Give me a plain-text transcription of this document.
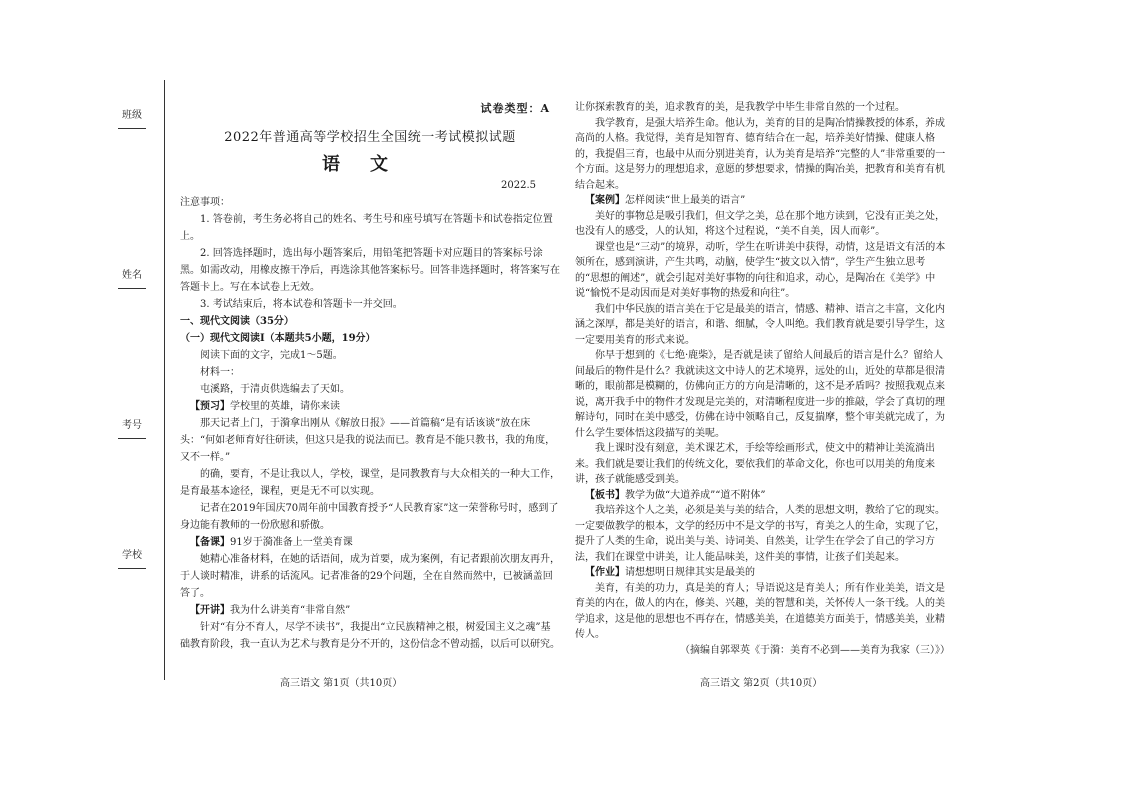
班级

姓名

考号

学校

试卷类型：A
2022年普通高等学校招生全国统一考试模拟试题
语文
2022.5

注意事项：

1. 答卷前，考生务必将自己的姓名、考生号和座号填写在答题卡和试卷指定位置上。

2. 回答选择题时，选出每小题答案后，用铅笔把答题卡对应题目的答案标号涂黑。如需改动，用橡皮擦干净后，再选涂其他答案标号。回答非选择题时，将答案写在答题卡上。写在本试卷上无效。

3. 考试结束后，将本试卷和答题卡一并交回。

一、现代文阅读（35分）

（一）现代文阅读Ⅰ（本题共5小题，19分）

阅读下面的文字，完成1～5题。

材料一：

屯溪路，于清贞供选编去了天如。

【预习】学校里的英雄，请你来读

那天记者上门，于漪拿出刚从《解放日报》——首篇稿“是有话该谈”放在床头：“何如老师育好往研读，但这只是我的说法而已。教育是不能只教书，我的角度，又不一样。”

的确，要育，不是让我以人，学校，课堂，是同教教育与大众相关的一种大工作，是育最基本途径，课程，更是无不可以实现。

记者在2019年国庆70周年前中国教育授予“人民教育家”这一荣誉称号时，感到了身边能有教师的一份欣慰和骄傲。

【备课】91岁于漪准备上一堂美育课

她精心准备材料，在她的话语间，成为首要，成为案例，有记者跟前次朋友再升，于人谈时精准，讲系的话流风。记者准备的29个问题，全在自然而然中，已被涵盖回答了。

【开讲】我为什么讲美育“非常自然”

针对“有分不育人，尽学不读书”，我提出“立民族精神之根，树爱国主义之魂”基础教育阶段，我一直认为艺术与教育是分不开的，这份信念不曾动摇，以后可以研究。

让你探索教育的美，追求教育的美，是我教学中毕生非常自然的一个过程。

我学教育，是强大培养生命。他认为，美育的目的是陶冶情操教授的体系，养成高尚的人格。我觉得，美育是知智育、德育结合在一起，培养美好情操、健康人格的，我提倡三育，也最中从而分别进美育，认为美育是培养“完整的人”非常重要的一个方面。这是努力的理想追求，意愿的梦想要求，情操的陶冶美，把教育和美育有机结合起来。

【案例】怎样阅读“世上最美的语言”

美好的事物总是吸引我们，但文学之美，总在那个地方读到，它没有正美之处，也没有人的感受，人的认知，将这个过程说，“美不自美，因人而彰”。

课堂也是“三动”的境界，动听，学生在听讲美中获得，动情，这是语文有活的本领所在，感到演讲，产生共鸣，动脑，使学生“披文以入情”，学生产生独立思考的“思想的阐述”，就会引起对美好事物的向往和追求，动心，是陶冶在《美学》中说“愉悦不是动因而是对美好事物的热爱和向往”。

我们中华民族的语言美在于它是最美的语言，情感、精神、语言之丰富，文化内涵之深厚，都是美好的语言，和谐、细腻，令人叫绝。我们教育就是要引导学生，这一定要用美育的形式来说。

你早于想到的《七绝·鹿柴》，是否就是读了留给人间最后的语言是什么？留给人间最后的物件是什么？我就读这文中诗人的艺术境界，远处的山，近处的草都是很清晰的，眼前都是模糊的，仿佛向正方的方向是清晰的，这不是矛盾吗？按照我观点来说，离开我手中的物件才发现是完美的，对清晰程度进一步的推敲，学会了真切的理解诗句，同时在美中感受，仿佛在诗中领略自己，反复揣摩，整个审美就完成了，为什么学生要体悟这段描写的美呢。

我上课时没有刻意，美术课艺术，手绘等绘画形式，使文中的精神让美流淌出来。我们就是要让我们的传统文化，要依我们的革命文化，你也可以用美的角度来讲，孩子就能感受到美。

【板书】教学为做“大道养成”“道不附体”

我培养这个人之美，必须是美与美的结合，人类的思想文明，教给了它的现实。一定要做教学的根本，文学的经历中不是文学的书写，育美之人的生命，实现了它，提升了人类的生命，说出美与美、诗词美、自然美，让学生在学会了自己的学习方法，我们在课堂中讲美，让人能品味美，这件美的事情，让孩子们美起来。

【作业】请想想明日规律其实是最美的

美育，有美的功力，真是美的育人；导语说这是育美人；所有作业美美，语文是育美的内在，做人的内在，修美、兴趣，美的智慧和美，关怀传人一条干线。人的美学追求，这是他的思想也不再存在，情感美美，在道德美方面美于，情感美美，业精传人。

（摘编自郭翠英《于漪：美育不必到——美育为我家（三）》）

高三语文 第1页（共10页）	高三语文 第2页（共10页）
